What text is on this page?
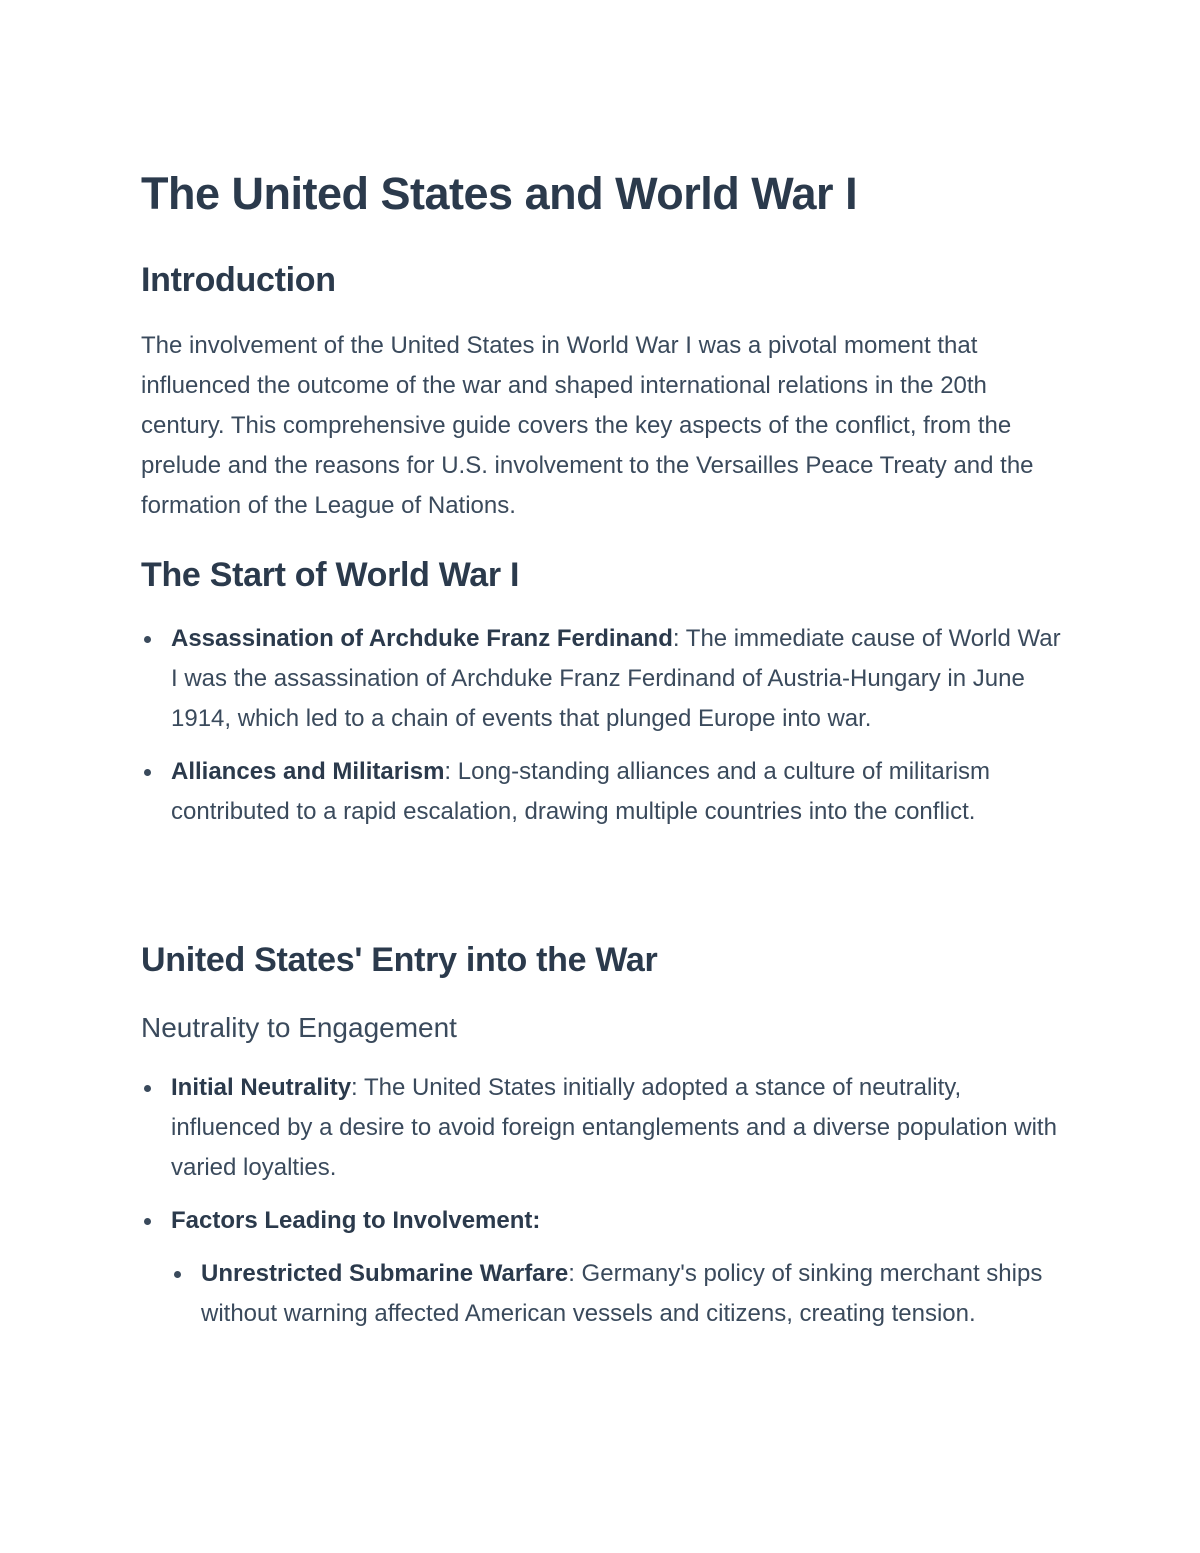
The United States and World War I
Introduction

The involvement of the United States in World War I was a pivotal moment that influenced the outcome of the war and shaped international relations in the 20th century. This comprehensive guide covers the key aspects of the conflict, from the prelude and the reasons for U.S. involvement to the Versailles Peace Treaty and the formation of the League of Nations.

The Start of World War I
Assassination of Archduke Franz Ferdinand: The immediate cause of World War I was the assassination of Archduke Franz Ferdinand of Austria-Hungary in June 1914, which led to a chain of events that plunged Europe into war.
Alliances and Militarism: Long-standing alliances and a culture of militarism contributed to a rapid escalation, drawing multiple countries into the conflict.
United States' Entry into the War
Neutrality to Engagement
Initial Neutrality: The United States initially adopted a stance of neutrality, influenced by a desire to avoid foreign entanglements and a diverse population with varied loyalties.
Factors Leading to Involvement:
Unrestricted Submarine Warfare: Germany's policy of sinking merchant ships without warning affected American vessels and citizens, creating tension.
